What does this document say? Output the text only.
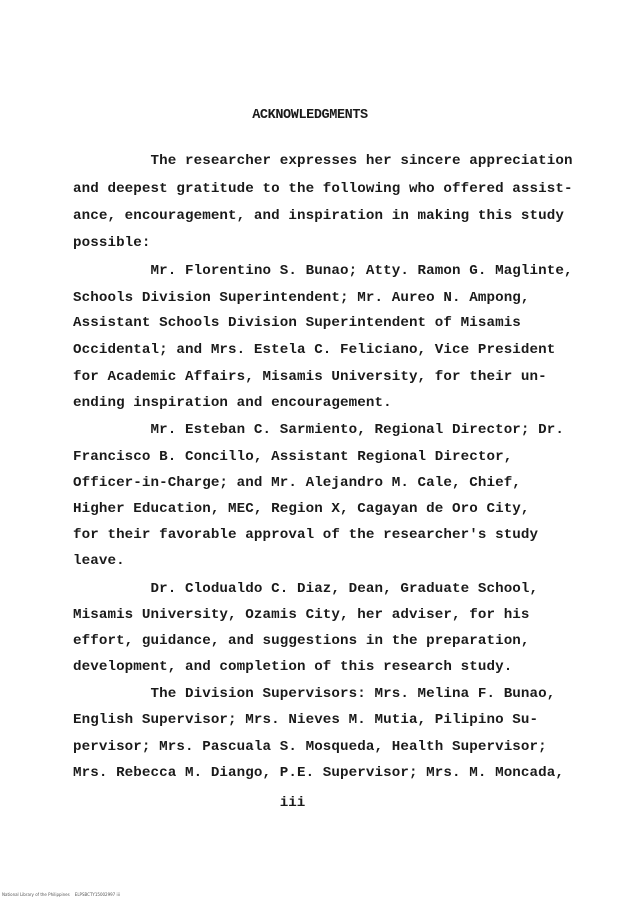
ACKNOWLEDGMENTS
The researcher expresses her sincere appreciation
and deepest gratitude to the following who offered assist-
ance, encouragement, and inspiration in making this study
possible:
Mr. Florentino S. Bunao; Atty. Ramon G. Maglinte,
Schools Division Superintendent; Mr. Aureo N. Ampong,
Assistant Schools Division Superintendent of Misamis
Occidental; and Mrs. Estela C. Feliciano, Vice President
for Academic Affairs, Misamis University, for their un-
ending inspiration and encouragement.
Mr. Esteban C. Sarmiento, Regional Director; Dr.
Francisco B. Concillo, Assistant Regional Director,
Officer-in-Charge; and Mr. Alejandro M. Cale, Chief,
Higher Education, MEC, Region X, Cagayan de Oro City,
for their favorable approval of the researcher's study
leave.
Dr. Clodualdo C. Diaz, Dean, Graduate School,
Misamis University, Ozamis City, her adviser, for his
effort, guidance, and suggestions in the preparation,
development, and completion of this research study.
The Division Supervisors: Mrs. Melina F. Bunao,
English Supervisor; Mrs. Nieves M. Mutia, Pilipino Su-
pervisor; Mrs. Pascuala S. Mosqueda, Health Supervisor;
Mrs. Rebecca M. Diango, P.E. Supervisor; Mrs. M. Moncada,
iii
National Library of the Philippines    ELPSBCTY15002997 iii
